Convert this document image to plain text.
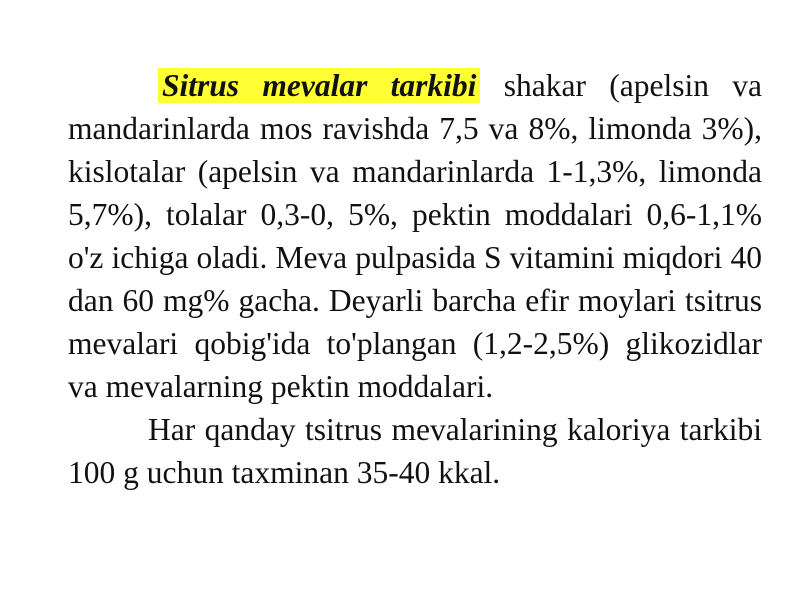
Sitrus mevalar tarkibi shakar (apelsin va mandarinlarda mos ravishda 7,5 va 8%, limonda 3%), kislotalar (apelsin va mandarinlarda 1-1,3%, limonda 5,7%), tolalar 0,3-0, 5%, pektin moddalari 0,6-1,1% o'z ichiga oladi. Meva pulpasida S vitamini miqdori 40 dan 60 mg% gacha. Deyarli barcha efir moylari tsitrus mevalari qobig'ida to'plangan (1,2-2,5%) glikozidlar va mevalarning pektin moddalari.

Har qanday tsitrus mevalarining kaloriya tarkibi 100 g uchun taxminan 35-40 kkal.
